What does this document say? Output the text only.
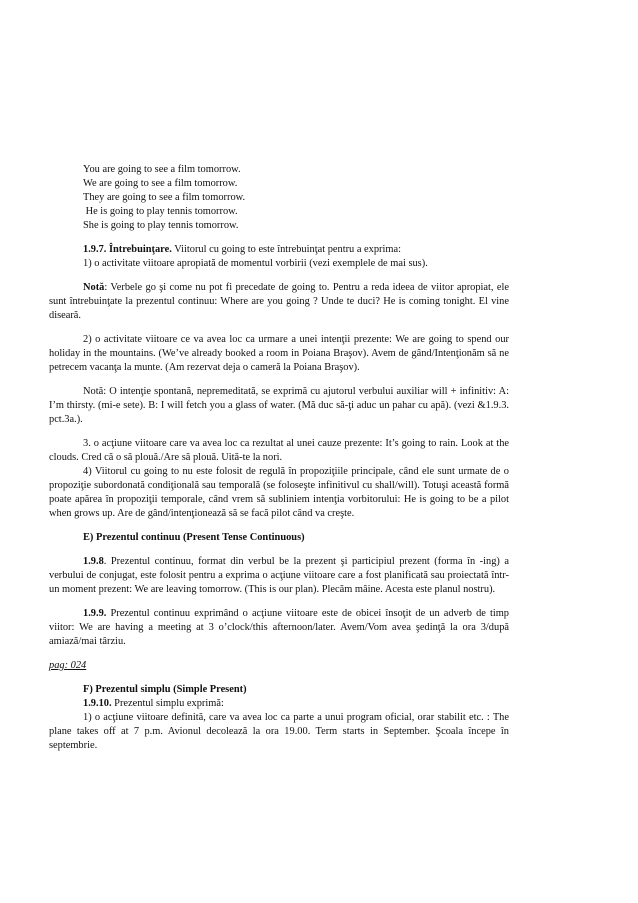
You are going to see a film tomorrow.
We are going to see a film tomorrow.
They are going to see a film tomorrow.
He is going to play tennis tomorrow.
She is going to play tennis tomorrow.
1.9.7. Întrebuinţare. Viitorul cu going to este întrebuinţat pentru a exprima:
1) o activitate viitoare apropiată de momentul vorbirii (vezi exemplele de mai sus).

Notă: Verbele go şi come nu pot fi precedate de going to. Pentru a reda ideea de viitor apropiat, ele sunt întrebuinţate la prezentul continuu: Where are you going ? Unde te duci? He is coming tonight. El vine diseară.

2) o activitate viitoare ce va avea loc ca urmare a unei intenţii prezente: We are going to spend our holiday in the mountains. (We’ve already booked a room in Poiana Braşov). Avem de gând/Intenţionăm să ne petrecem vacanţa la munte. (Am rezervat deja o cameră la Poiana Braşov).

Notă: O intenţie spontană, nepremeditată, se exprimă cu ajutorul verbului auxiliar will + infinitiv: A: I’m thirsty. (mi-e sete). B: I will fetch you a glass of water. (Mă duc să-ţi aduc un pahar cu apă). (vezi &1.9.3. pct.3a.).

3. o acţiune viitoare care va avea loc ca rezultat al unei cauze prezente: It’s going to rain. Look at the clouds. Cred că o să plouă./Are să plouă. Uită-te la nori.

4) Viitorul cu going to nu este folosit de regulă în propoziţiile principale, când ele sunt urmate de o propoziţie subordonată condiţională sau temporală (se foloseşte infinitivul cu shall/will). Totuşi această formă poate apărea în propoziţii temporale, când vrem să subliniem intenţia vorbitorului: He is going to be a pilot when grows up. Are de gând/intenţionează să se facă pilot când va creşte.

E) Prezentul continuu (Present Tense Continuous)

1.9.8. Prezentul continuu, format din verbul be la prezent şi participiul prezent (forma în -ing) a verbului de conjugat, este folosit pentru a exprima o acţiune viitoare care a fost planificată sau proiectată într-un moment prezent: We are leaving tomorrow. (This is our plan). Plecăm mâine. Acesta este planul nostru).

1.9.9. Prezentul continuu exprimând o acţiune viitoare este de obicei însoţit de un adverb de timp viitor: We are having a meeting at 3 o’clock/this afternoon/later. Avem/Vom avea şedinţă la ora 3/după amiază/mai târziu.

pag: 024
F) Prezentul simplu (Simple Present)
1.9.10. Prezentul simplu exprimă:

1) o acţiune viitoare definită, care va avea loc ca parte a unui program oficial, orar stabilit etc. : The plane takes off at 7 p.m. Avionul decolează la ora 19.00. Term starts in September. Şcoala începe în septembrie.
